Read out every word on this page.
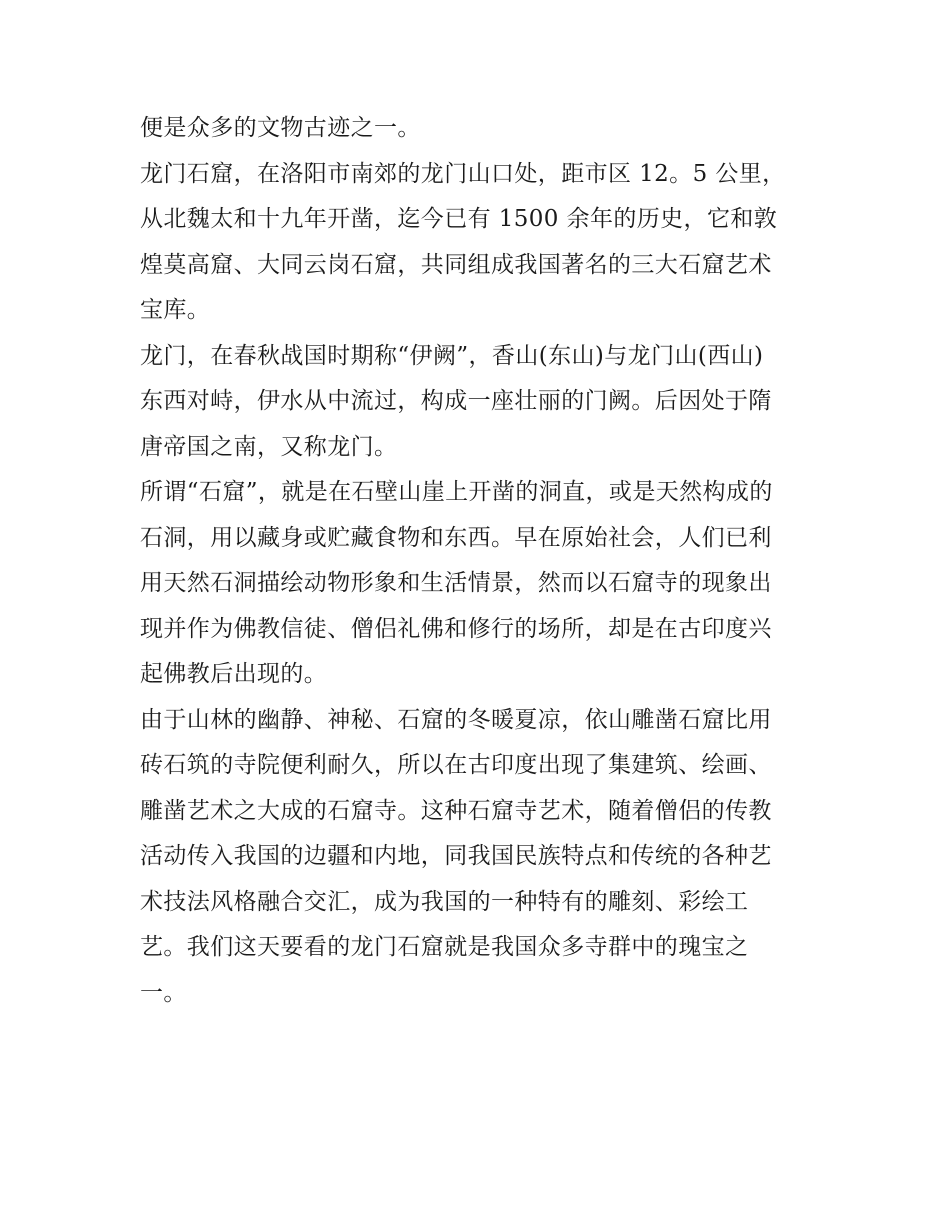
便是众多的文物古迹之一。
龙门石窟，在洛阳市南郊的龙门山口处，距市区 12。5 公里，
从北魏太和十九年开凿，迄今已有 1500 余年的历史，它和敦
煌莫高窟、大同云岗石窟，共同组成我国著名的三大石窟艺术
宝库。
龙门，在春秋战国时期称“伊阙”，香山(东山)与龙门山(西山)
东西对峙，伊水从中流过，构成一座壮丽的门阙。后因处于隋
唐帝国之南，又称龙门。
所谓“石窟”，就是在石壁山崖上开凿的洞直，或是天然构成的
石洞，用以藏身或贮藏食物和东西。早在原始社会，人们已利
用天然石洞描绘动物形象和生活情景，然而以石窟寺的现象出
现并作为佛教信徒、僧侣礼佛和修行的场所，却是在古印度兴
起佛教后出现的。
由于山林的幽静、神秘、石窟的冬暖夏凉，依山雕凿石窟比用
砖石筑的寺院便利耐久，所以在古印度出现了集建筑、绘画、
雕凿艺术之大成的石窟寺。这种石窟寺艺术，随着僧侣的传教
活动传入我国的边疆和内地，同我国民族特点和传统的各种艺
术技法风格融合交汇，成为我国的一种特有的雕刻、彩绘工
艺。我们这天要看的龙门石窟就是我国众多寺群中的瑰宝之
一。
